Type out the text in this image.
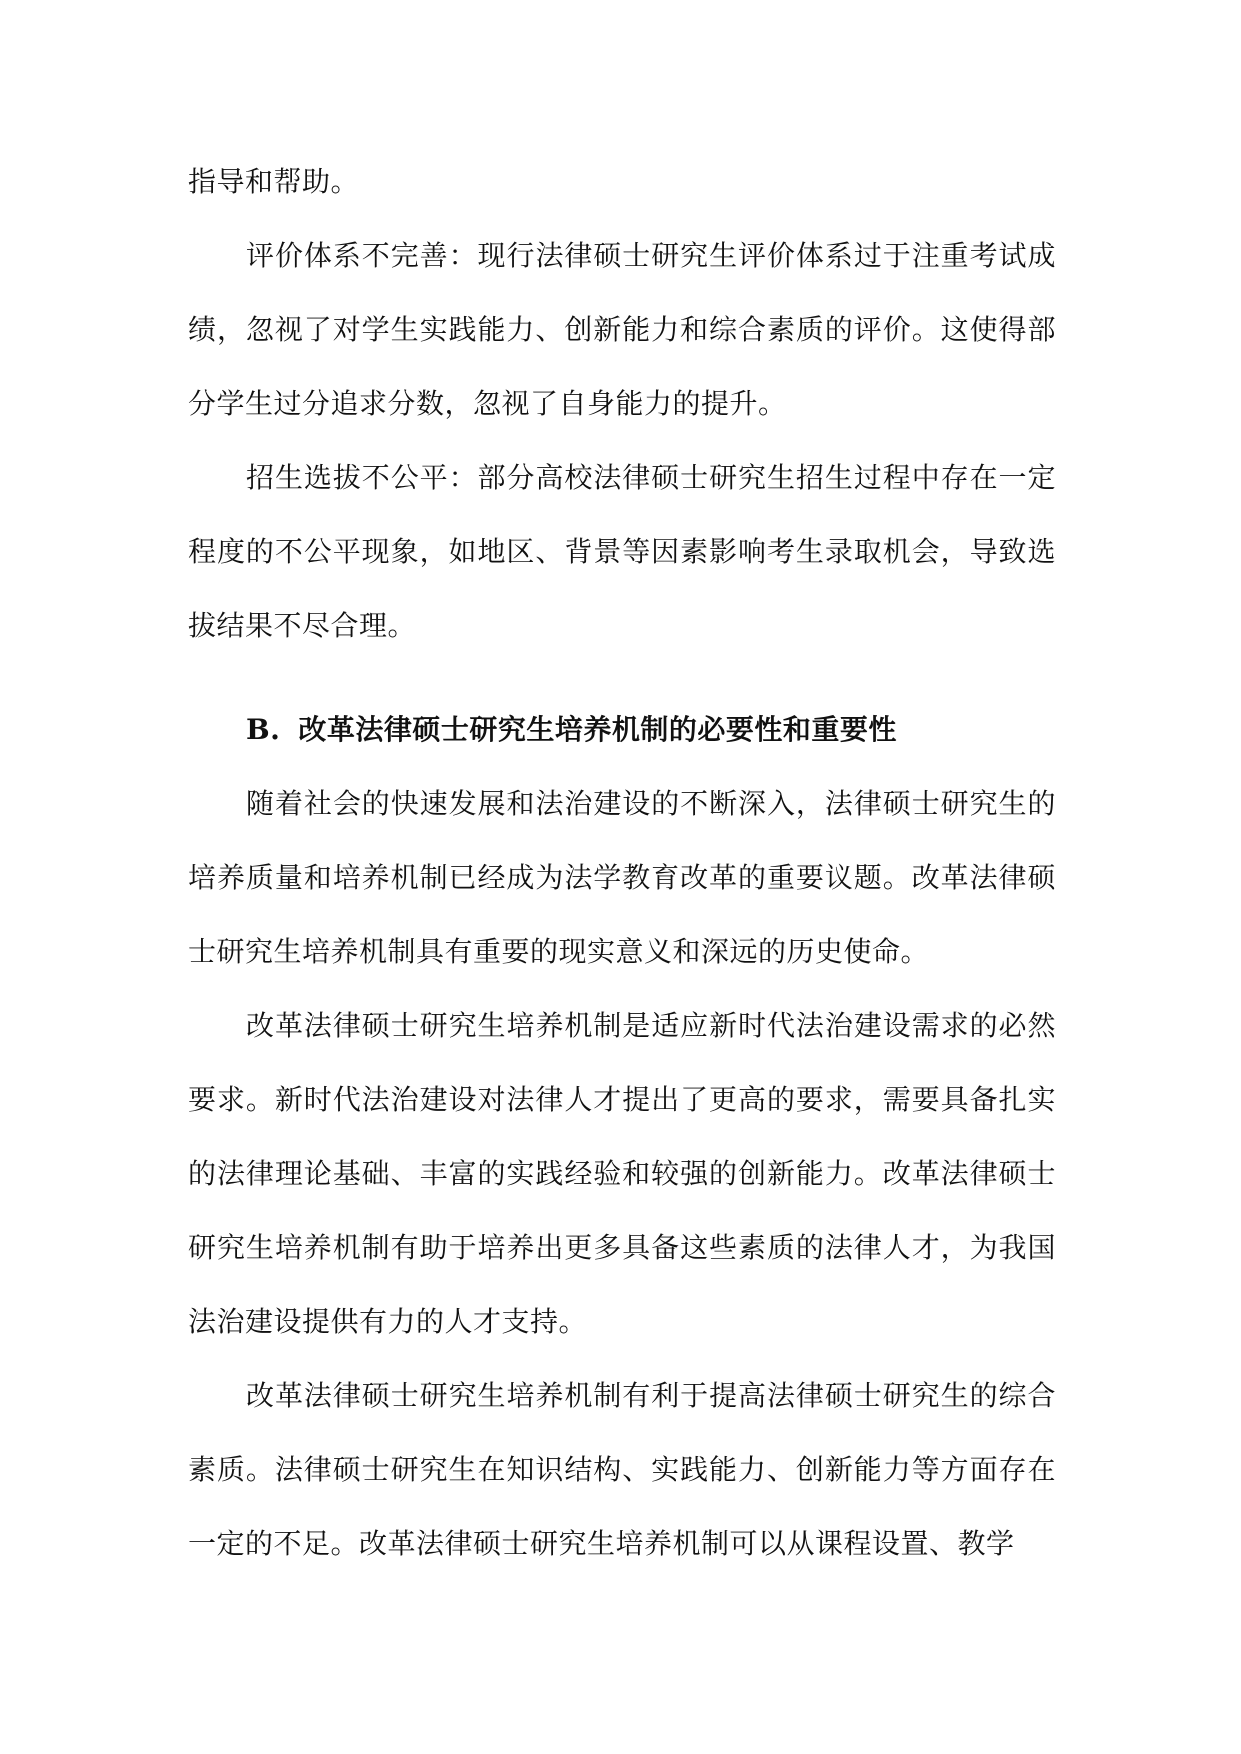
指导和帮助。

评价体系不完善：现行法律硕士研究生评价体系过于注重考试成绩，忽视了对学生实践能力、创新能力和综合素质的评价。这使得部分学生过分追求分数，忽视了自身能力的提升。

招生选拔不公平：部分高校法律硕士研究生招生过程中存在一定程度的不公平现象，如地区、背景等因素影响考生录取机会，导致选拔结果不尽合理。

B. 改革法律硕士研究生培养机制的必要性和重要性

随着社会的快速发展和法治建设的不断深入，法律硕士研究生的培养质量和培养机制已经成为法学教育改革的重要议题。改革法律硕士研究生培养机制具有重要的现实意义和深远的历史使命。

改革法律硕士研究生培养机制是适应新时代法治建设需求的必然要求。新时代法治建设对法律人才提出了更高的要求，需要具备扎实的法律理论基础、丰富的实践经验和较强的创新能力。改革法律硕士研究生培养机制有助于培养出更多具备这些素质的法律人才，为我国法治建设提供有力的人才支持。

改革法律硕士研究生培养机制有利于提高法律硕士研究生的综合素质。法律硕士研究生在知识结构、实践能力、创新能力等方面存在一定的不足。改革法律硕士研究生培养机制可以从课程设置、教学
